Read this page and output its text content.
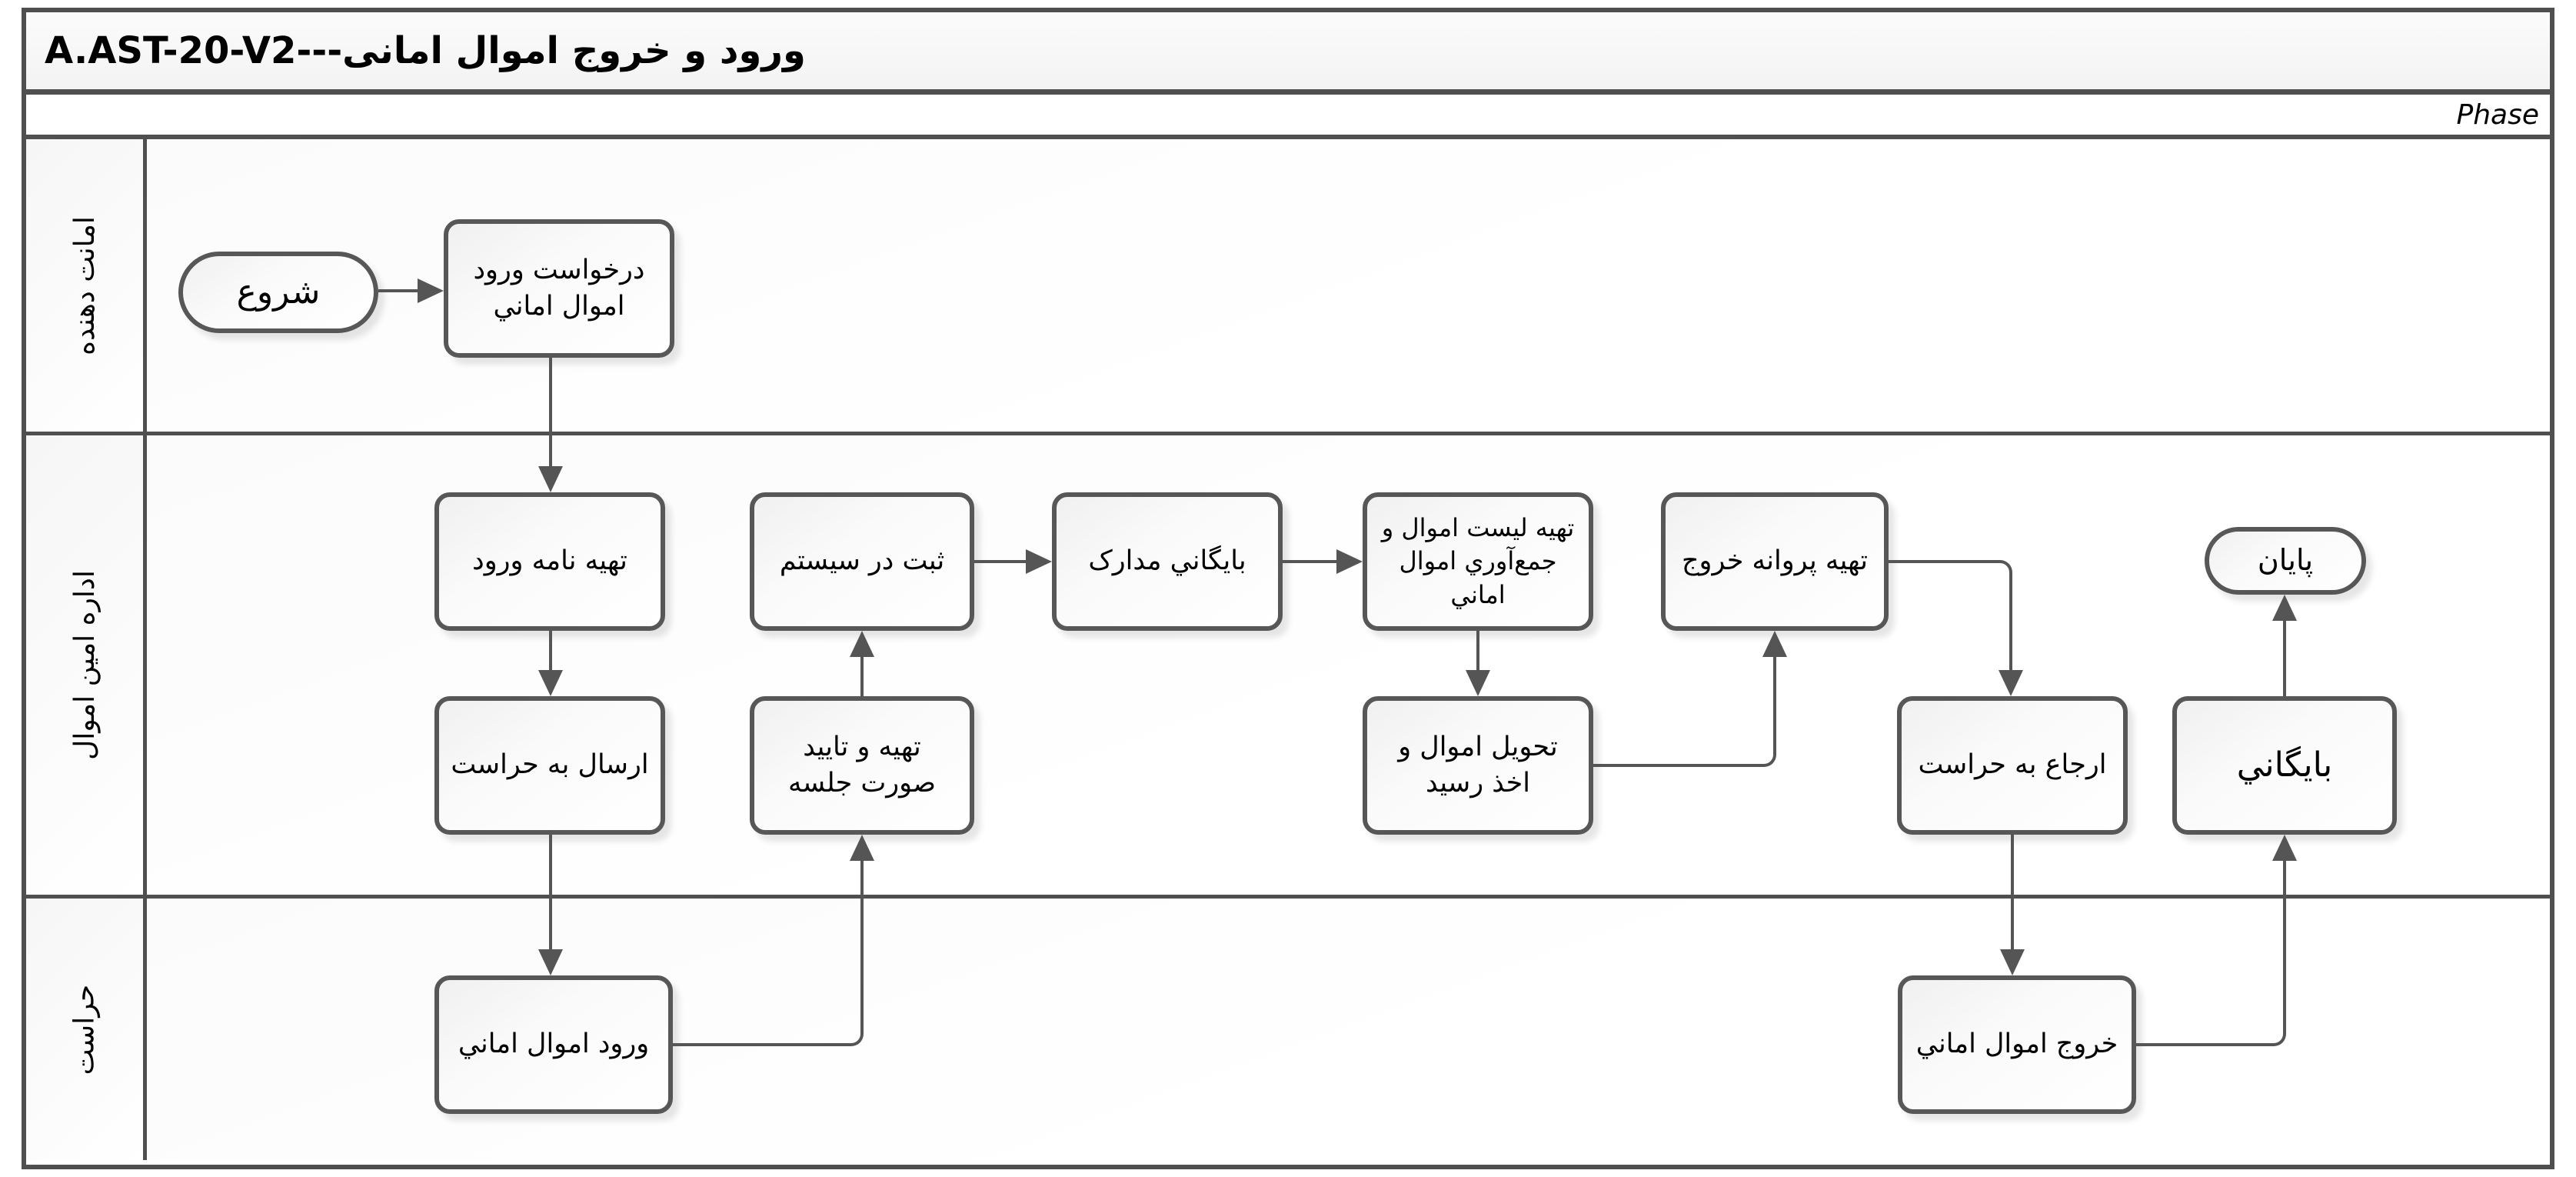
A.AST-20-V2---ورود و خروج اموال امانی
Phase
امانت دهنده
اداره امین اموال
حراست
شروع
درخواست ورود اموال اماني
تهیه نامه ورود	ثبت در سیستم	بایگاني مدارک
تهیه لیست اموال و جمع‌آوري اموال اماني
تهیه پروانه خروج
تهیه و تایید صورت جلسه
تحویل اموال و اخذ رسید
ارجاع به حراست	بایگاني
پایان
ارسال به حراست
ورود اموال اماني	خروج اموال اماني
